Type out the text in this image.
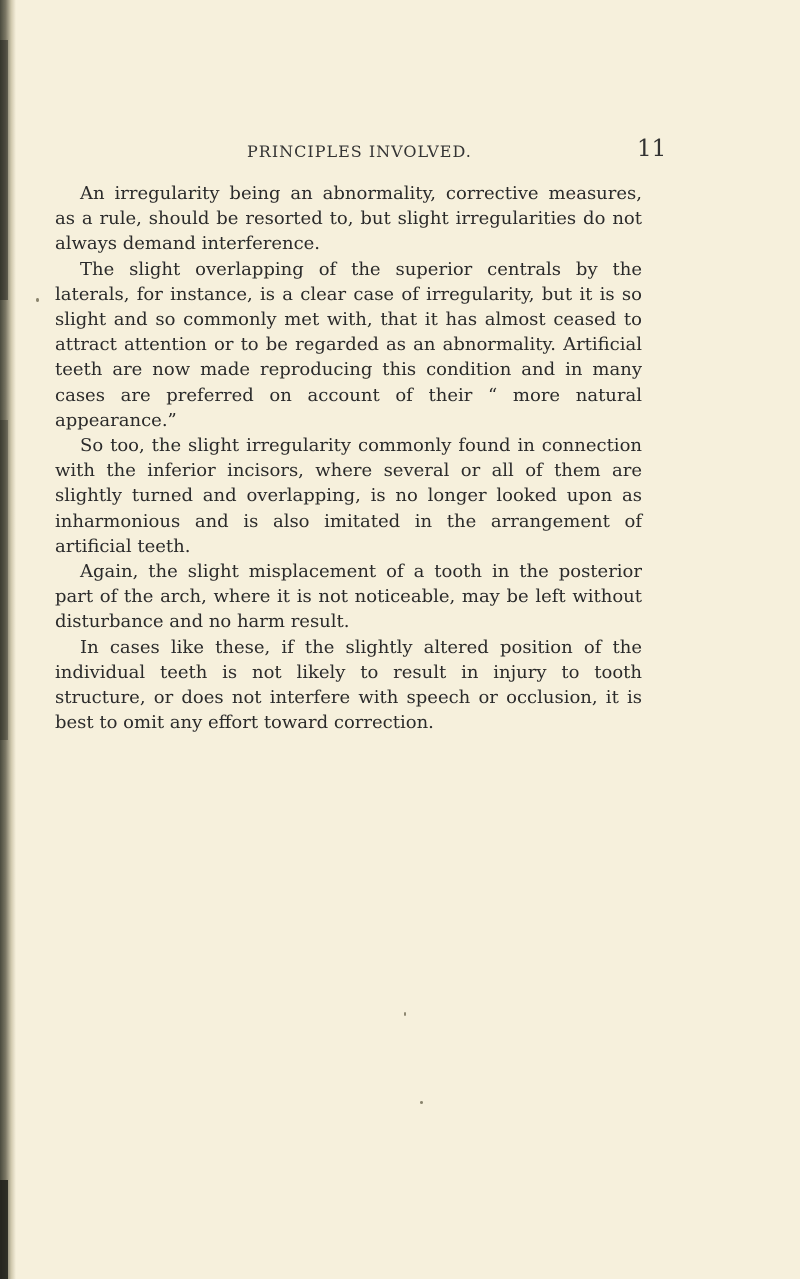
PRINCIPLES INVOLVED.	11

An irregularity being an abnormality, corrective measures, as a rule, should be resorted to, but slight irregularities do not always demand interference.

The slight overlapping of the superior centrals by the laterals, for instance, is a clear case of irregularity, but it is so slight and so commonly met with, that it has almost ceased to attract attention or to be regarded as an abnormality. Artificial teeth are now made reproducing this condition and in many cases are preferred on account of their “ more natural appearance.”

So too, the slight irregularity commonly found in connection with the inferior incisors, where several or all of them are slightly turned and overlapping, is no longer looked upon as inharmonious and is also imitated in the arrangement of artificial teeth.

Again, the slight misplacement of a tooth in the posterior part of the arch, where it is not noticeable, may be left without disturbance and no harm result.

In cases like these, if the slightly altered position of the individual teeth is not likely to result in injury to tooth structure, or does not interfere with speech or occlusion, it is best to omit any effort toward correction.
